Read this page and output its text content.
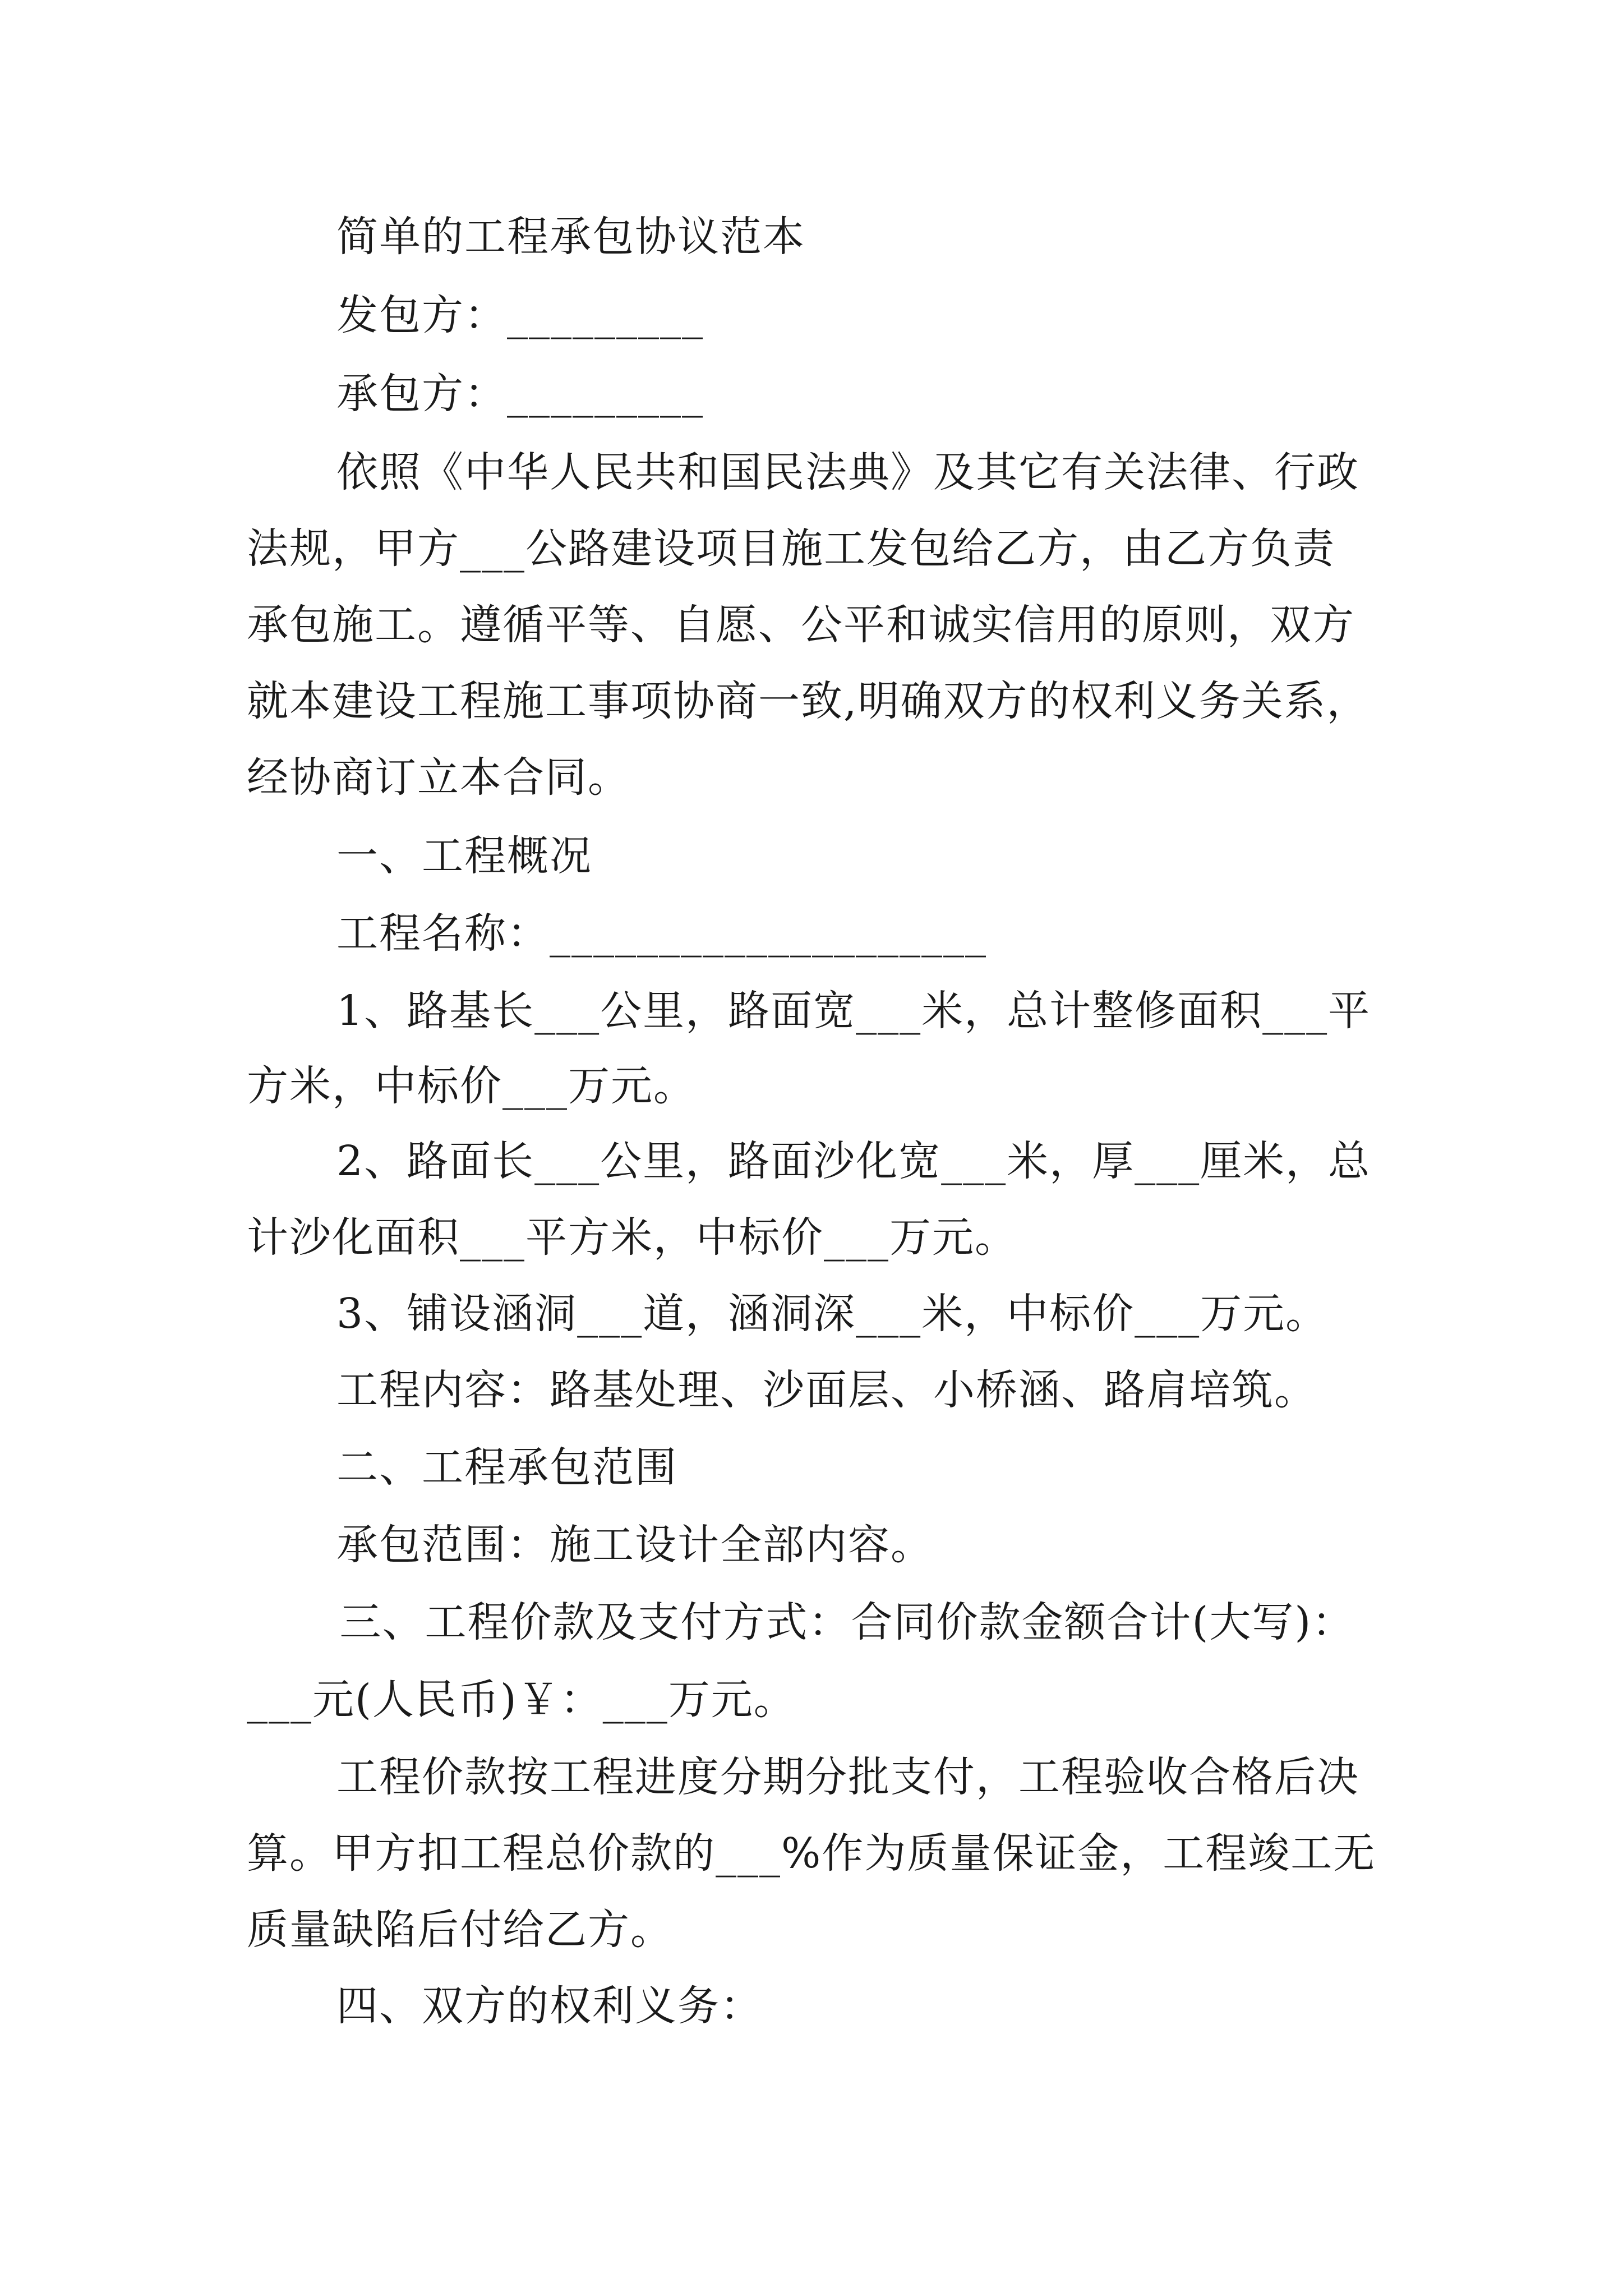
简单的工程承包协议范本
发包方：_________
承包方：_________
依照《中华人民共和国民法典》及其它有关法律、行政
法规，甲方___公路建设项目施工发包给乙方，由乙方负责
承包施工。遵循平等、自愿、公平和诚实信用的原则，双方
就本建设工程施工事项协商一致,明确双方的权利义务关系，
经协商订立本合同。
一、工程概况
工程名称：____________________
1、路基长___公里，路面宽___米，总计整修面积___平
方米，中标价___万元。
2、路面长___公里，路面沙化宽___米，厚___厘米，总
计沙化面积___平方米，中标价___万元。
3、铺设涵洞___道，涵洞深___米，中标价___万元。
工程内容：路基处理、沙面层、小桥涵、路肩培筑。
二、工程承包范围
承包范围：施工设计全部内容。
三、工程价款及支付方式：合同价款金额合计(大写)：
___元(人民币)￥：___万元。
工程价款按工程进度分期分批支付，工程验收合格后决
算。甲方扣工程总价款的___%作为质量保证金，工程竣工无
质量缺陷后付给乙方。
四、双方的权利义务：
